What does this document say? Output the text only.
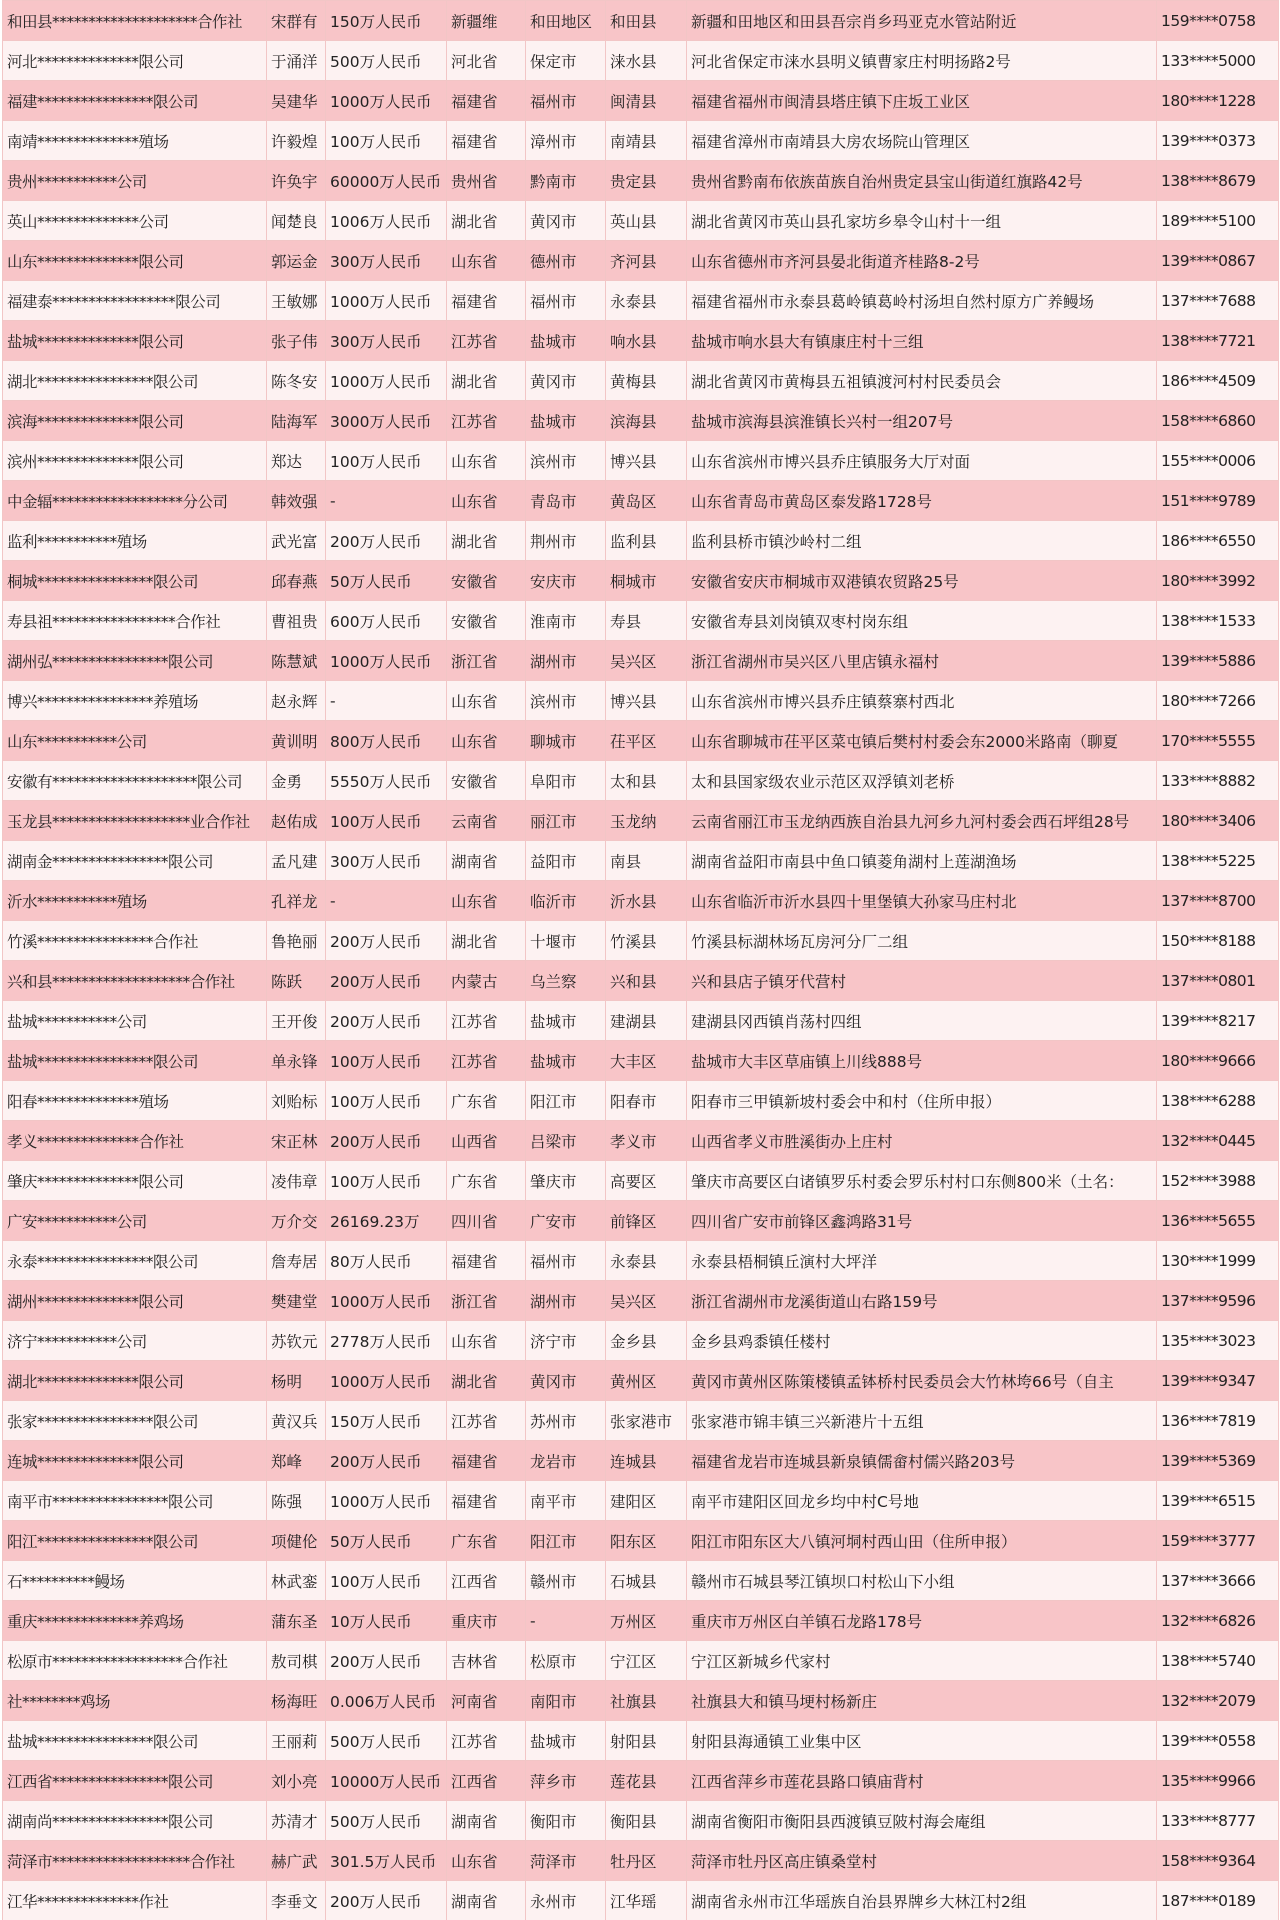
和田县********************合作社	宋群有	150万人民币	新疆维	和田地区	和田县	新疆和田地区和田县吾宗肖乡玛亚克水管站附近	159****0758
河北**************限公司	于涌洋	500万人民币	河北省	保定市	涞水县	河北省保定市涞水县明义镇曹家庄村明扬路2号	133****5000
福建****************限公司	吴建华	1000万人民币	福建省	福州市	闽清县	福建省福州市闽清县塔庄镇下庄坂工业区	180****1228
南靖**************殖场	许毅煌	100万人民币	福建省	漳州市	南靖县	福建省漳州市南靖县大房农场院山管理区	139****0373
贵州***********公司	许奂宇	60000万人民币	贵州省	黔南市	贵定县	贵州省黔南布依族苗族自治州贵定县宝山街道红旗路42号	138****8679
英山**************公司	闻楚良	1006万人民币	湖北省	黄冈市	英山县	湖北省黄冈市英山县孔家坊乡皋令山村十一组	189****5100
山东**************限公司	郭运金	300万人民币	山东省	德州市	齐河县	山东省德州市齐河县晏北街道齐桂路8-2号	139****0867
福建泰*****************限公司	王敏娜	1000万人民币	福建省	福州市	永泰县	福建省福州市永泰县葛岭镇葛岭村汤坦自然村原方广养鳗场	137****7688
盐城**************限公司	张子伟	300万人民币	江苏省	盐城市	响水县	盐城市响水县大有镇康庄村十三组	138****7721
湖北****************限公司	陈冬安	1000万人民币	湖北省	黄冈市	黄梅县	湖北省黄冈市黄梅县五祖镇渡河村村民委员会	186****4509
滨海**************限公司	陆海军	3000万人民币	江苏省	盐城市	滨海县	盐城市滨海县滨淮镇长兴村一组207号	158****6860
滨州**************限公司	郑达	100万人民币	山东省	滨州市	博兴县	山东省滨州市博兴县乔庄镇服务大厅对面	155****0006
中金辐******************分公司	韩效强	-	山东省	青岛市	黄岛区	山东省青岛市黄岛区泰发路1728号	151****9789
监利***********殖场	武光富	200万人民币	湖北省	荆州市	监利县	监利县桥市镇沙岭村二组	186****6550
桐城****************限公司	邱春燕	50万人民币	安徽省	安庆市	桐城市	安徽省安庆市桐城市双港镇农贸路25号	180****3992
寿县祖*****************合作社	曹祖贵	600万人民币	安徽省	淮南市	寿县	安徽省寿县刘岗镇双枣村岗东组	138****1533
湖州弘****************限公司	陈慧斌	1000万人民币	浙江省	湖州市	吴兴区	浙江省湖州市吴兴区八里店镇永福村	139****5886
博兴****************养殖场	赵永辉	-	山东省	滨州市	博兴县	山东省滨州市博兴县乔庄镇蔡寨村西北	180****7266
山东***********公司	黄训明	800万人民币	山东省	聊城市	茌平区	山东省聊城市茌平区菜屯镇后樊村村委会东2000米路南（聊夏	170****5555
安徽有********************限公司	金勇	5550万人民币	安徽省	阜阳市	太和县	太和县国家级农业示范区双浮镇刘老桥	133****8882
玉龙县*******************业合作社	赵佑成	100万人民币	云南省	丽江市	玉龙纳	云南省丽江市玉龙纳西族自治县九河乡九河村委会西石坪组28号	180****3406
湖南金****************限公司	孟凡建	300万人民币	湖南省	益阳市	南县	湖南省益阳市南县中鱼口镇菱角湖村上莲湖渔场	138****5225
沂水***********殖场	孔祥龙	-	山东省	临沂市	沂水县	山东省临沂市沂水县四十里堡镇大孙家马庄村北	137****8700
竹溪****************合作社	鲁艳丽	200万人民币	湖北省	十堰市	竹溪县	竹溪县标湖林场瓦房河分厂二组	150****8188
兴和县*******************合作社	陈跃	200万人民币	内蒙古	乌兰察	兴和县	兴和县店子镇牙代营村	137****0801
盐城***********公司	王开俊	200万人民币	江苏省	盐城市	建湖县	建湖县冈西镇肖荡村四组	139****8217
盐城****************限公司	单永锋	100万人民币	江苏省	盐城市	大丰区	盐城市大丰区草庙镇上川线888号	180****9666
阳春**************殖场	刘贻标	100万人民币	广东省	阳江市	阳春市	阳春市三甲镇新坡村委会中和村（住所申报）	138****6288
孝义**************合作社	宋正林	200万人民币	山西省	吕梁市	孝义市	山西省孝义市胜溪街办上庄村	132****0445
肇庆**************限公司	凌伟章	100万人民币	广东省	肇庆市	高要区	肇庆市高要区白诸镇罗乐村委会罗乐村村口东侧800米（土名：	152****3988
广安***********公司	万介交	26169.23万	四川省	广安市	前锋区	四川省广安市前锋区鑫鸿路31号	136****5655
永泰****************限公司	詹寿居	80万人民币	福建省	福州市	永泰县	永泰县梧桐镇丘演村大坪洋	130****1999
湖州**************限公司	樊建堂	1000万人民币	浙江省	湖州市	吴兴区	浙江省湖州市龙溪街道山右路159号	137****9596
济宁***********公司	苏钦元	2778万人民币	山东省	济宁市	金乡县	金乡县鸡黍镇任楼村	135****3023
湖北**************限公司	杨明	1000万人民币	湖北省	黄冈市	黄州区	黄冈市黄州区陈策楼镇孟钵桥村民委员会大竹林垮66号（自主	139****9347
张家****************限公司	黄汉兵	150万人民币	江苏省	苏州市	张家港市	张家港市锦丰镇三兴新港片十五组	136****7819
连城**************限公司	郑峰	200万人民币	福建省	龙岩市	连城县	福建省龙岩市连城县新泉镇儒畲村儒兴路203号	139****5369
南平市****************限公司	陈强	1000万人民币	福建省	南平市	建阳区	南平市建阳区回龙乡均中村C号地	139****6515
阳江****************限公司	项健伦	50万人民币	广东省	阳江市	阳东区	阳江市阳东区大八镇河垌村西山田（住所申报）	159****3777
石**********鳗场	林武銮	100万人民币	江西省	赣州市	石城县	赣州市石城县琴江镇坝口村松山下小组	137****3666
重庆**************养鸡场	蒲东圣	10万人民币	重庆市	-	万州区	重庆市万州区白羊镇石龙路178号	132****6826
松原市******************合作社	敖司棋	200万人民币	吉林省	松原市	宁江区	宁江区新城乡代家村	138****5740
社********鸡场	杨海旺	0.006万人民币	河南省	南阳市	社旗县	社旗县大和镇马埂村杨新庄	132****2079
盐城****************限公司	王丽莉	500万人民币	江苏省	盐城市	射阳县	射阳县海通镇工业集中区	139****0558
江西省****************限公司	刘小亮	10000万人民币	江西省	萍乡市	莲花县	江西省萍乡市莲花县路口镇庙背村	135****9966
湖南尚****************限公司	苏清才	500万人民币	湖南省	衡阳市	衡阳县	湖南省衡阳市衡阳县西渡镇豆陂村海会庵组	133****8777
菏泽市*******************合作社	赫广武	301.5万人民币	山东省	菏泽市	牡丹区	菏泽市牡丹区高庄镇桑堂村	158****9364
江华**************作社	李垂文	200万人民币	湖南省	永州市	江华瑶	湖南省永州市江华瑶族自治县界牌乡大林江村2组	187****0189
